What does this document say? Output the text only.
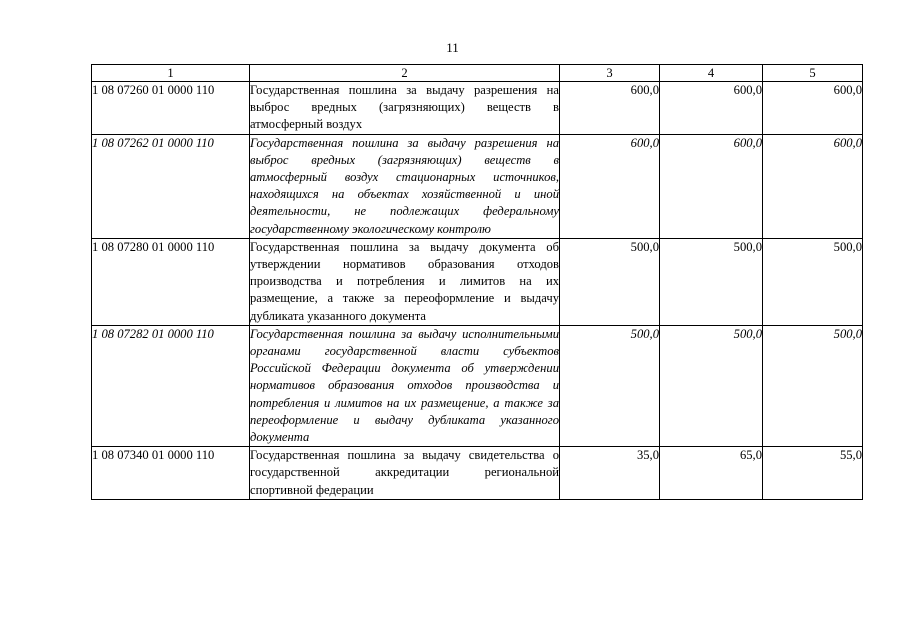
11
1	2	3	4	5
1 08 07260 01 0000 110	Государственная пошлина за выдачу разрешения на выброс вредных (загрязняющих) веществ в атмосферный воздух	600,0	600,0	600,0
1 08 07262 01 0000 110	Государственная пошлина за выдачу разрешения на выброс вредных (загрязняющих) веществ в атмосферный воздух стационарных источников, находящихся на объектах хозяйственной и иной деятельности, не подлежащих федеральному государственному экологическому контролю	600,0	600,0	600,0
1 08 07280 01 0000 110	Государственная пошлина за выдачу документа об утверждении нормативов образования отходов производства и потребления и лимитов на их размещение, а также за переоформление и выдачу дубликата указанного документа	500,0	500,0	500,0
1 08 07282 01 0000 110	Государственная пошлина за выдачу исполнительными органами государственной власти субъектов Российской Федерации документа об утверждении нормативов образования отходов производства и потребления и лимитов на их размещение, а также за переоформление и выдачу дубликата указанного документа	500,0	500,0	500,0
1 08 07340 01 0000 110	Государственная пошлина за выдачу свидетельства о государственной аккредитации региональной спортивной федерации	35,0	65,0	55,0
